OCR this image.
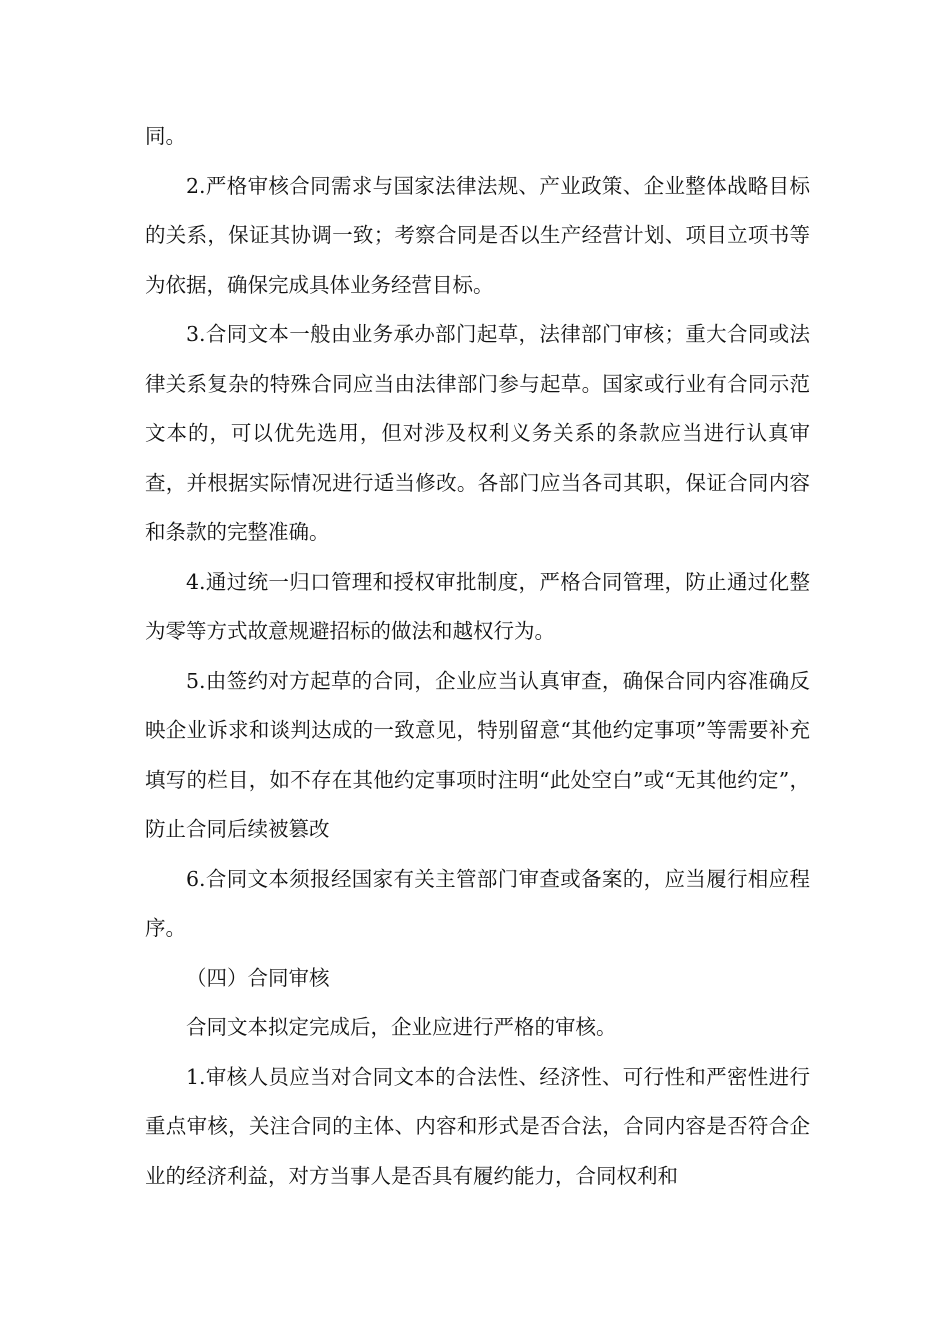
同。

2.严格审核合同需求与国家法律法规、产业政策、企业整体战略目标的关系，保证其协调一致；考察合同是否以生产经营计划、项目立项书等为依据，确保完成具体业务经营目标。

3.合同文本一般由业务承办部门起草，法律部门审核；重大合同或法律关系复杂的特殊合同应当由法律部门参与起草。国家或行业有合同示范文本的，可以优先选用，但对涉及权利义务关系的条款应当进行认真审查，并根据实际情况进行适当修改。各部门应当各司其职，保证合同内容和条款的完整准确。

4.通过统一归口管理和授权审批制度，严格合同管理，防止通过化整为零等方式故意规避招标的做法和越权行为。

5.由签约对方起草的合同，企业应当认真审查，确保合同内容准确反映企业诉求和谈判达成的一致意见，特别留意“其他约定事项”等需要补充填写的栏目，如不存在其他约定事项时注明“此处空白”或“无其他约定”，防止合同后续被篡改

6.合同文本须报经国家有关主管部门审查或备案的，应当履行相应程序。

（四）合同审核

合同文本拟定完成后，企业应进行严格的审核。

1.审核人员应当对合同文本的合法性、经济性、可行性和严密性进行重点审核，关注合同的主体、内容和形式是否合法，合同内容是否符合企业的经济利益，对方当事人是否具有履约能力，合同权利和
